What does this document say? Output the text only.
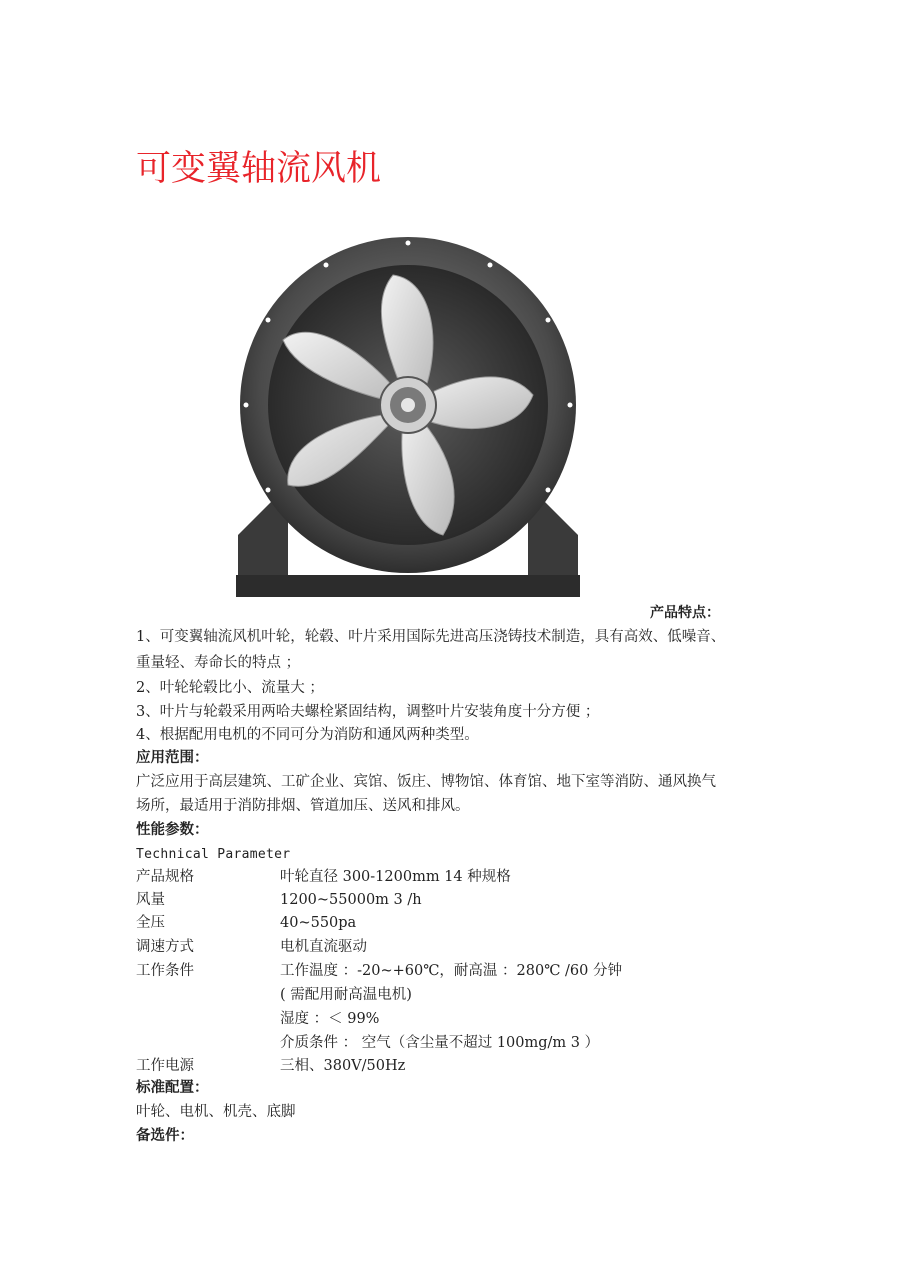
可变翼轴流风机
产品特点：
1、可变翼轴流风机叶轮，轮毂、叶片采用国际先进高压浇铸技术制造，具有高效、低噪音、
重量轻、寿命长的特点 ；
2、叶轮轮毂比小、流量大 ；
3、叶片与轮毂采用两哈夫螺栓紧固结构，调整叶片安装角度十分方便 ；
4、根据配用电机的不同可分为消防和通风两种类型。
应用范围：
广泛应用于高层建筑、工矿企业、宾馆、饭庄、博物馆、体育馆、地下室等消防、通风换气
场所，最适用于消防排烟、管道加压、送风和排风。
性能参数：
Technical Parameter
产品规格	叶轮直径 300-1200mm 14 种规格
风量	1200~55000m 3 /h
全压	40~550pa
调速方式	电机直流驱动
工作条件	工作温度 ：-20~+60℃，耐高温 ：280℃ /60 分钟
( 需配用耐高温电机)
湿度 ：＜ 99%
介质条件 ： 空气（含尘量不超过 100mg/m 3 ）
工作电源	三相、380V/50Hz
标准配置：
叶轮、电机、机壳、底脚
备选件：
